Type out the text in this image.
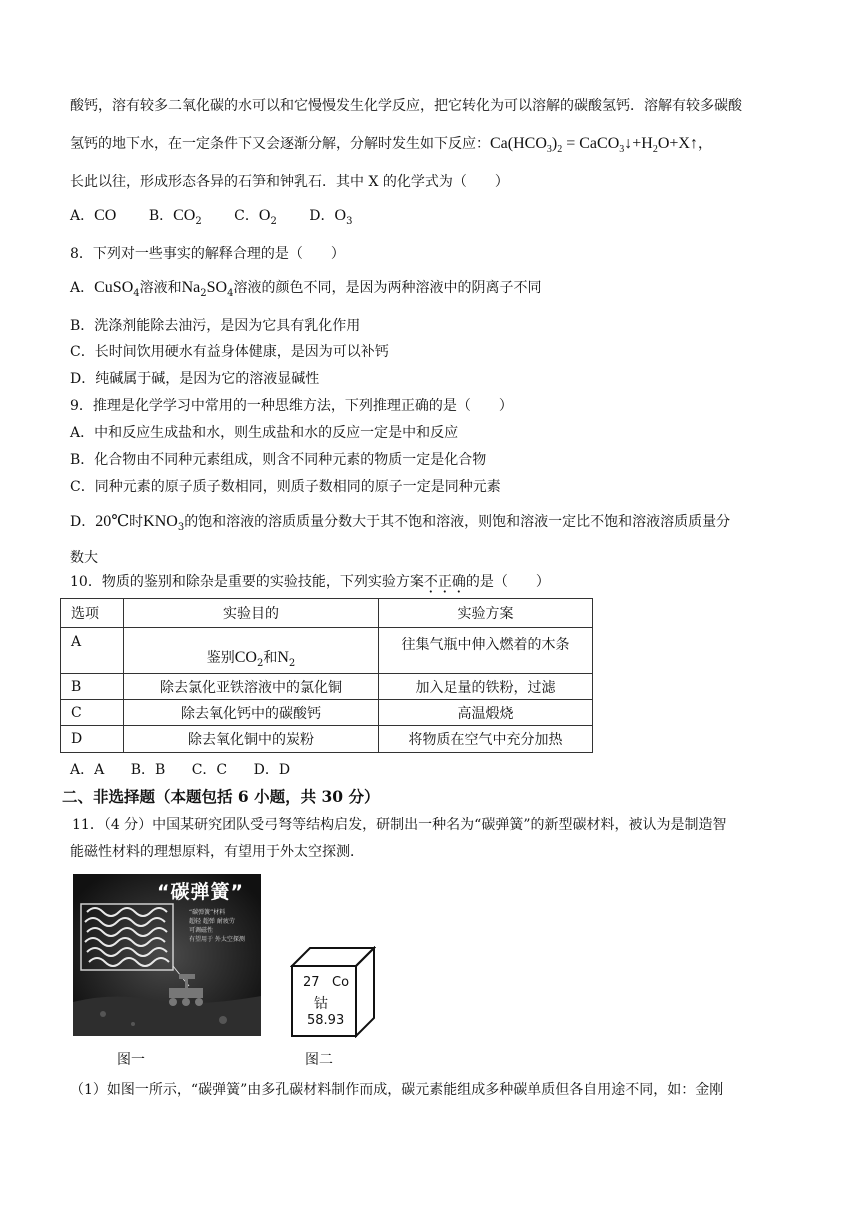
酸钙，溶有较多二氧化碳的水可以和它慢慢发生化学反应，把它转化为可以溶解的碳酸氢钙．溶解有较多碳酸
氢钙的地下水，在一定条件下又会逐渐分解，分解时发生如下反应：$Ca(HCO_3)_2$ = $CaCO_3↓+H_2O+X↑$，
长此以往，形成形态各异的石笋和钟乳石．其中 X 的化学式为（　　）
A．CO B．$CO_2$ C．$O_2$ D．$O_3$
8．下列对一些事实的解释合理的是（　　）
A．CuSO$_4$溶液和$Na_2SO_4$溶液的颜色不同，是因为两种溶液中的阴离子不同
B．洗涤剂能除去油污，是因为它具有乳化作用
C．长时间饮用硬水有益身体健康，是因为可以补钙
D．纯碱属于碱，是因为它的溶液显碱性
9．推理是化学学习中常用的一种思维方法，下列推理正确的是（　　）
A．中和反应生成盐和水，则生成盐和水的反应一定是中和反应
B．化合物由不同种元素组成，则含不同种元素的物质一定是化合物
C．同种元素的原子质子数相同，则质子数相同的原子一定是同种元素
D．20℃时$KNO_3$的饱和溶液的溶质质量分数大于其不饱和溶液，则饱和溶液一定比不饱和溶液溶质质量分
数大
10．物质的鉴别和除杂是重要的实验技能，下列实验方案不正确的是（　　）
选项	实验目的	实验方案
A	鉴别$CO_2$和$N_2$	往集气瓶中伸入燃着的木条
B	除去氯化亚铁溶液中的氯化铜	加入足量的铁粉，过滤
C	除去氧化钙中的碳酸钙	高温煅烧
D	除去氧化铜中的炭粉	将物质在空气中充分加热
A．A B．B C．C D．D
二、非选择题（本题包括 6 小题，共 30 分）
11．（4 分）中国某研究团队受弓弩等结构启发，研制出一种名为“碳弹簧”的新型碳材料，被认为是制造智
能磁性材料的理想原料，有望用于外太空探测．
“碳弹簧”
“碳弹簧”材料
超轻 超弹 耐疲劳
可调磁性
有望用于 外太空探测
27 Co
钴
58.93
图一	图二
（1）如图一所示，“碳弹簧”由多孔碳材料制作而成，碳元素能组成多种碳单质但各自用途不同，如：金刚
